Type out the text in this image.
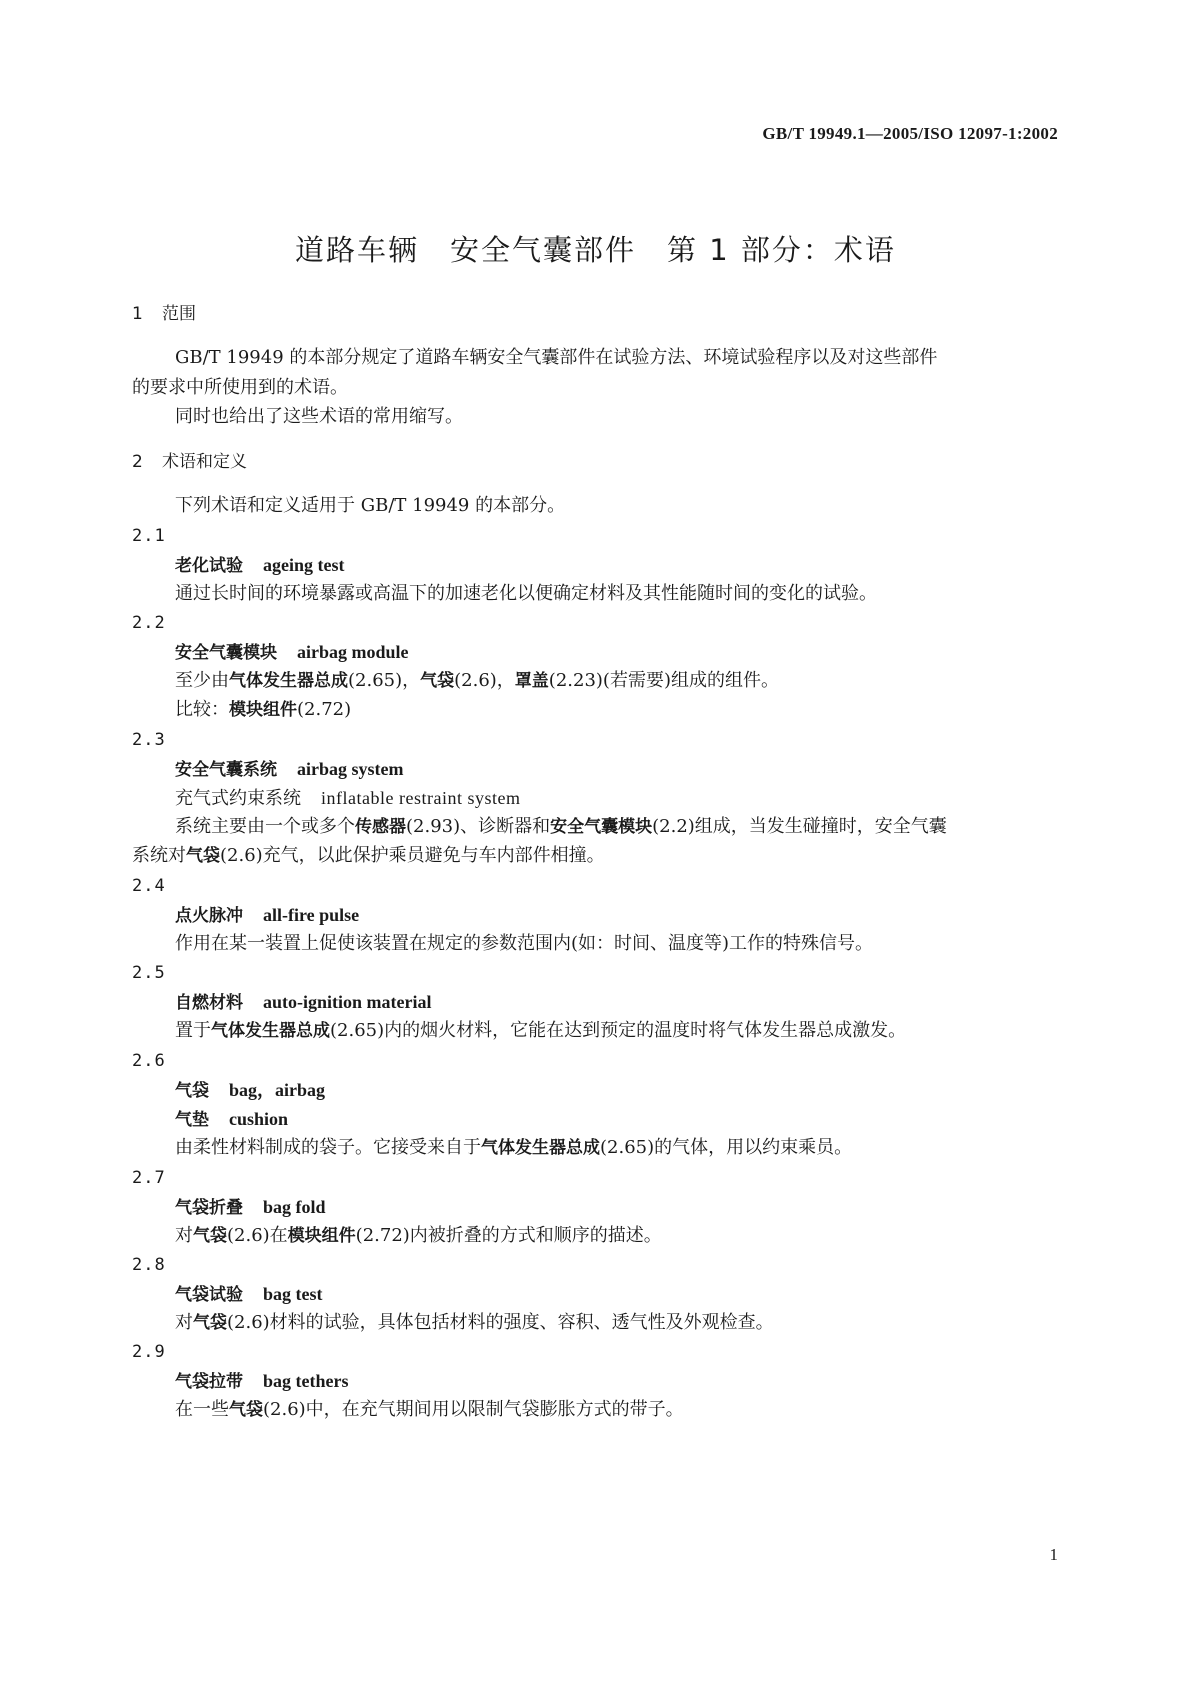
GB/T 19949.1—2005/ISO 12097-1:2002
道路车辆　安全气囊部件　第 1 部分：术语
1 范围
GB/T 19949 的本部分规定了道路车辆安全气囊部件在试验方法、环境试验程序以及对这些部件
的要求中所使用到的术语。
同时也给出了这些术语的常用缩写。
2 术语和定义
下列术语和定义适用于 GB/T 19949 的本部分。
2.1
老化试验 ageing test
通过长时间的环境暴露或高温下的加速老化以便确定材料及其性能随时间的变化的试验。
2.2
安全气囊模块 airbag module
至少由气体发生器总成(2.65)，气袋(2.6)，罩盖(2.23)(若需要)组成的组件。
比较：模块组件(2.72)
2.3
安全气囊系统 airbag system
充气式约束系统 inflatable restraint system
系统主要由一个或多个传感器(2.93)、诊断器和安全气囊模块(2.2)组成，当发生碰撞时，安全气囊
系统对气袋(2.6)充气，以此保护乘员避免与车内部件相撞。
2.4
点火脉冲 all-fire pulse
作用在某一装置上促使该装置在规定的参数范围内(如：时间、温度等)工作的特殊信号。
2.5
自燃材料 auto-ignition material
置于气体发生器总成(2.65)内的烟火材料，它能在达到预定的温度时将气体发生器总成激发。
2.6
气袋 bag，airbag
气垫 cushion
由柔性材料制成的袋子。它接受来自于气体发生器总成(2.65)的气体，用以约束乘员。
2.7
气袋折叠 bag fold
对气袋(2.6)在模块组件(2.72)内被折叠的方式和顺序的描述。
2.8
气袋试验 bag test
对气袋(2.6)材料的试验，具体包括材料的强度、容积、透气性及外观检查。
2.9
气袋拉带 bag tethers
在一些气袋(2.6)中，在充气期间用以限制气袋膨胀方式的带子。
1
